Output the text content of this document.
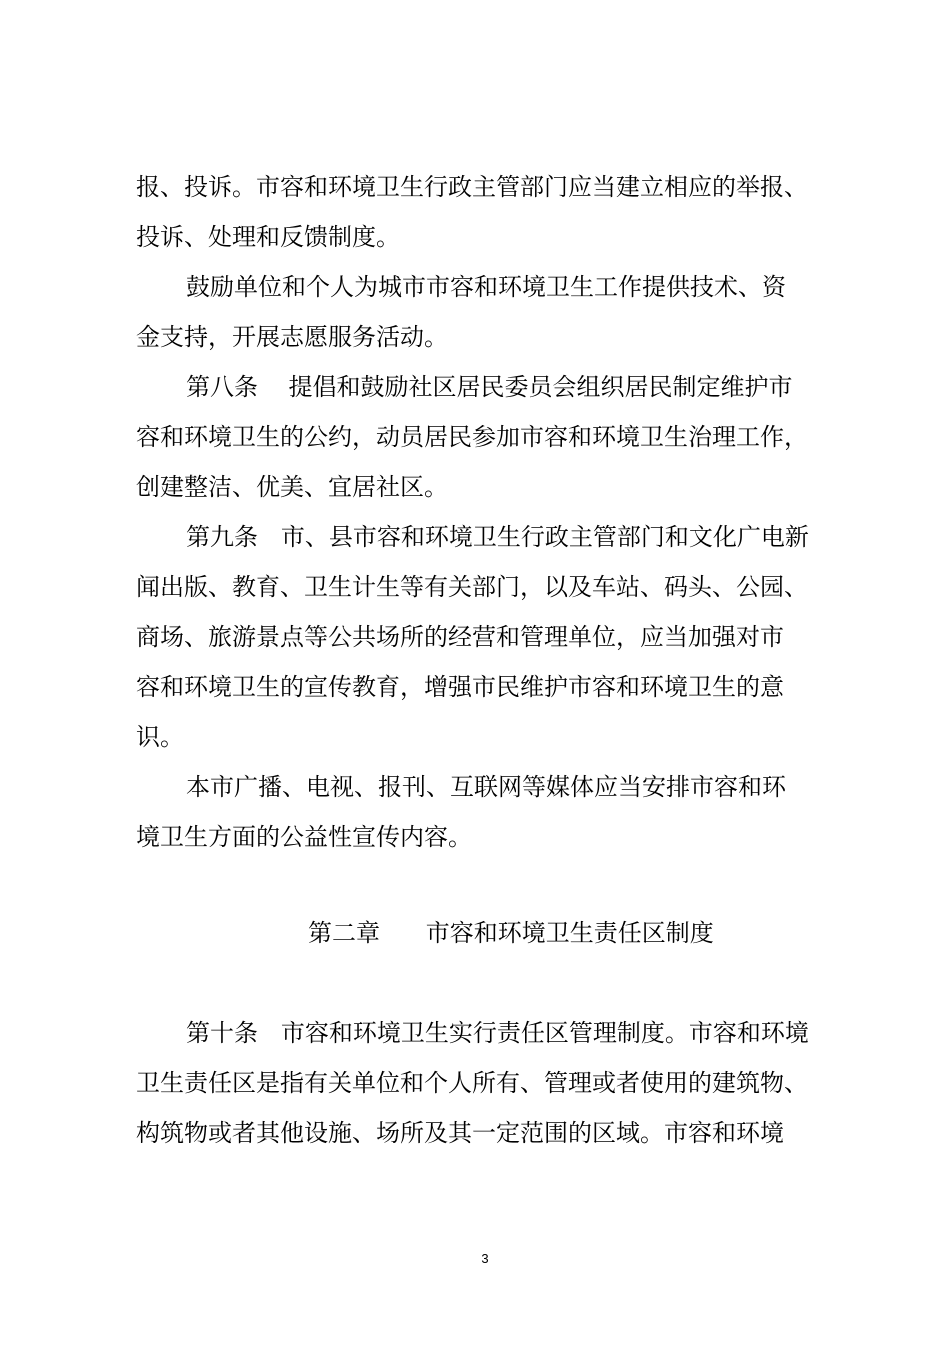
报、投诉。市容和环境卫生行政主管部门应当建立相应的举报、
投诉、处理和反馈制度。
鼓励单位和个人为城市市容和环境卫生工作提供技术、资
金支持，开展志愿服务活动。
第八条    提倡和鼓励社区居民委员会组织居民制定维护市
容和环境卫生的公约，动员居民参加市容和环境卫生治理工作，
创建整洁、优美、宜居社区。
第九条   市、县市容和环境卫生行政主管部门和文化广电新
闻出版、教育、卫生计生等有关部门，以及车站、码头、公园、
商场、旅游景点等公共场所的经营和管理单位，应当加强对市
容和环境卫生的宣传教育，增强市民维护市容和环境卫生的意
识。
本市广播、电视、报刊、互联网等媒体应当安排市容和环
境卫生方面的公益性宣传内容。
第二章      市容和环境卫生责任区制度
第十条   市容和环境卫生实行责任区管理制度。市容和环境
卫生责任区是指有关单位和个人所有、管理或者使用的建筑物、
构筑物或者其他设施、场所及其一定范围的区域。市容和环境
3
